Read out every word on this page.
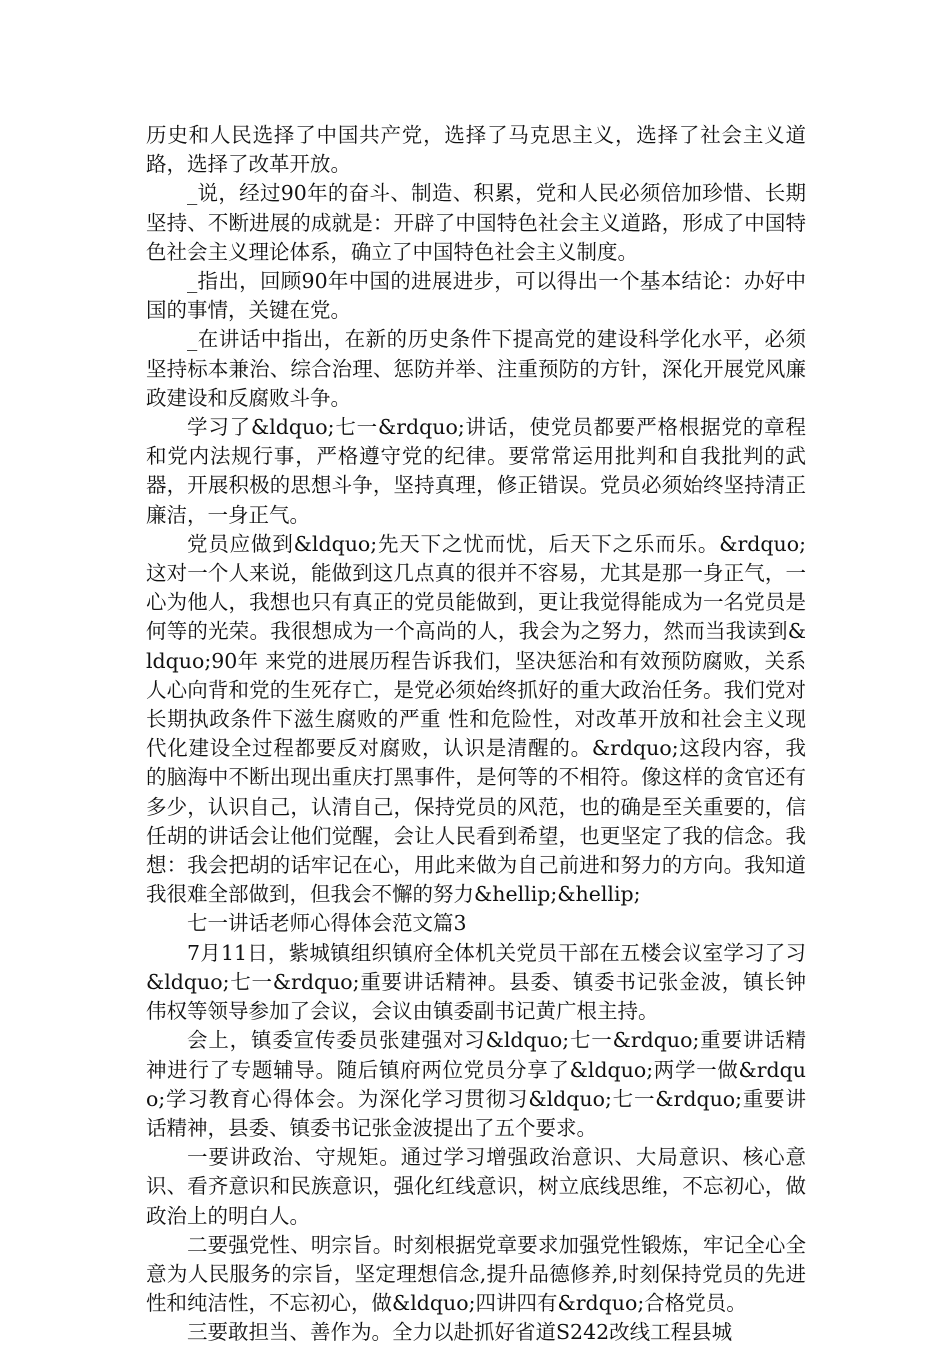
历史和人民选择了中国共产党，选择了马克思主义，选择了社会主义道路，选择了改革开放。

_说，经过90年的奋斗、制造、积累，党和人民必须倍加珍惜、长期坚持、不断进展的成就是：开辟了中国特色社会主义道路，形成了中国特色社会主义理论体系，确立了中国特色社会主义制度。

_指出，回顾90年中国的进展进步，可以得出一个基本结论：办好中国的事情，关键在党。

_在讲话中指出，在新的历史条件下提高党的建设科学化水平，必须坚持标本兼治、综合治理、惩防并举、注重预防的方针，深化开展党风廉政建设和反腐败斗争。

学习了&ldquo;七一&rdquo;讲话，使党员都要严格根据党的章程和党内法规行事，严格遵守党的纪律。要常常运用批判和自我批判的武器，开展积极的思想斗争，坚持真理，修正错误。党员必须始终坚持清正廉洁，一身正气。

党员应做到&ldquo;先天下之忧而忧，后天下之乐而乐。&rdquo;这对一个人来说，能做到这几点真的很并不容易，尤其是那一身正气，一心为他人，我想也只有真正的党员能做到，更让我觉得能成为一名党员是何等的光荣。我很想成为一个高尚的人，我会为之努力，然而当我读到&ldquo;90年 来党的进展历程告诉我们，坚决惩治和有效预防腐败，关系人心向背和党的生死存亡，是党必须始终抓好的重大政治任务。我们党对长期执政条件下滋生腐败的严重 性和危险性，对改革开放和社会主义现代化建设全过程都要反对腐败，认识是清醒的。&rdquo;这段内容，我的脑海中不断出现出重庆打黑事件，是何等的不相符。像这样的贪官还有多少，认识自己，认清自己，保持党员的风范，也的确是至关重要的，信任胡的讲话会让他们觉醒，会让人民看到希望，也更坚定了我的信念。我想：我会把胡的话牢记在心，用此来做为自己前进和努力的方向。我知道我很难全部做到，但我会不懈的努力&hellip;&hellip;

七一讲话老师心得体会范文篇3

7月11日，紫城镇组织镇府全体机关党员干部在五楼会议室学习了习&ldquo;七一&rdquo;重要讲话精神。县委、镇委书记张金波，镇长钟伟权等领导参加了会议，会议由镇委副书记黄广根主持。

会上，镇委宣传委员张建强对习&ldquo;七一&rdquo;重要讲话精神进行了专题辅导。随后镇府两位党员分享了&ldquo;两学一做&rdquo;学习教育心得体会。为深化学习贯彻习&ldquo;七一&rdquo;重要讲话精神，县委、镇委书记张金波提出了五个要求。

一要讲政治、守规矩。通过学习增强政治意识、大局意识、核心意识、看齐意识和民族意识，强化红线意识，树立底线思维，不忘初心，做政治上的明白人。

二要强党性、明宗旨。时刻根据党章要求加强党性锻炼，牢记全心全意为人民服务的宗旨，坚定理想信念,提升品德修养,时刻保持党员的先进性和纯洁性，不忘初心，做&ldquo;四讲四有&rdquo;合格党员。

三要敢担当、善作为。全力以赴抓好省道S242改线工程县城
